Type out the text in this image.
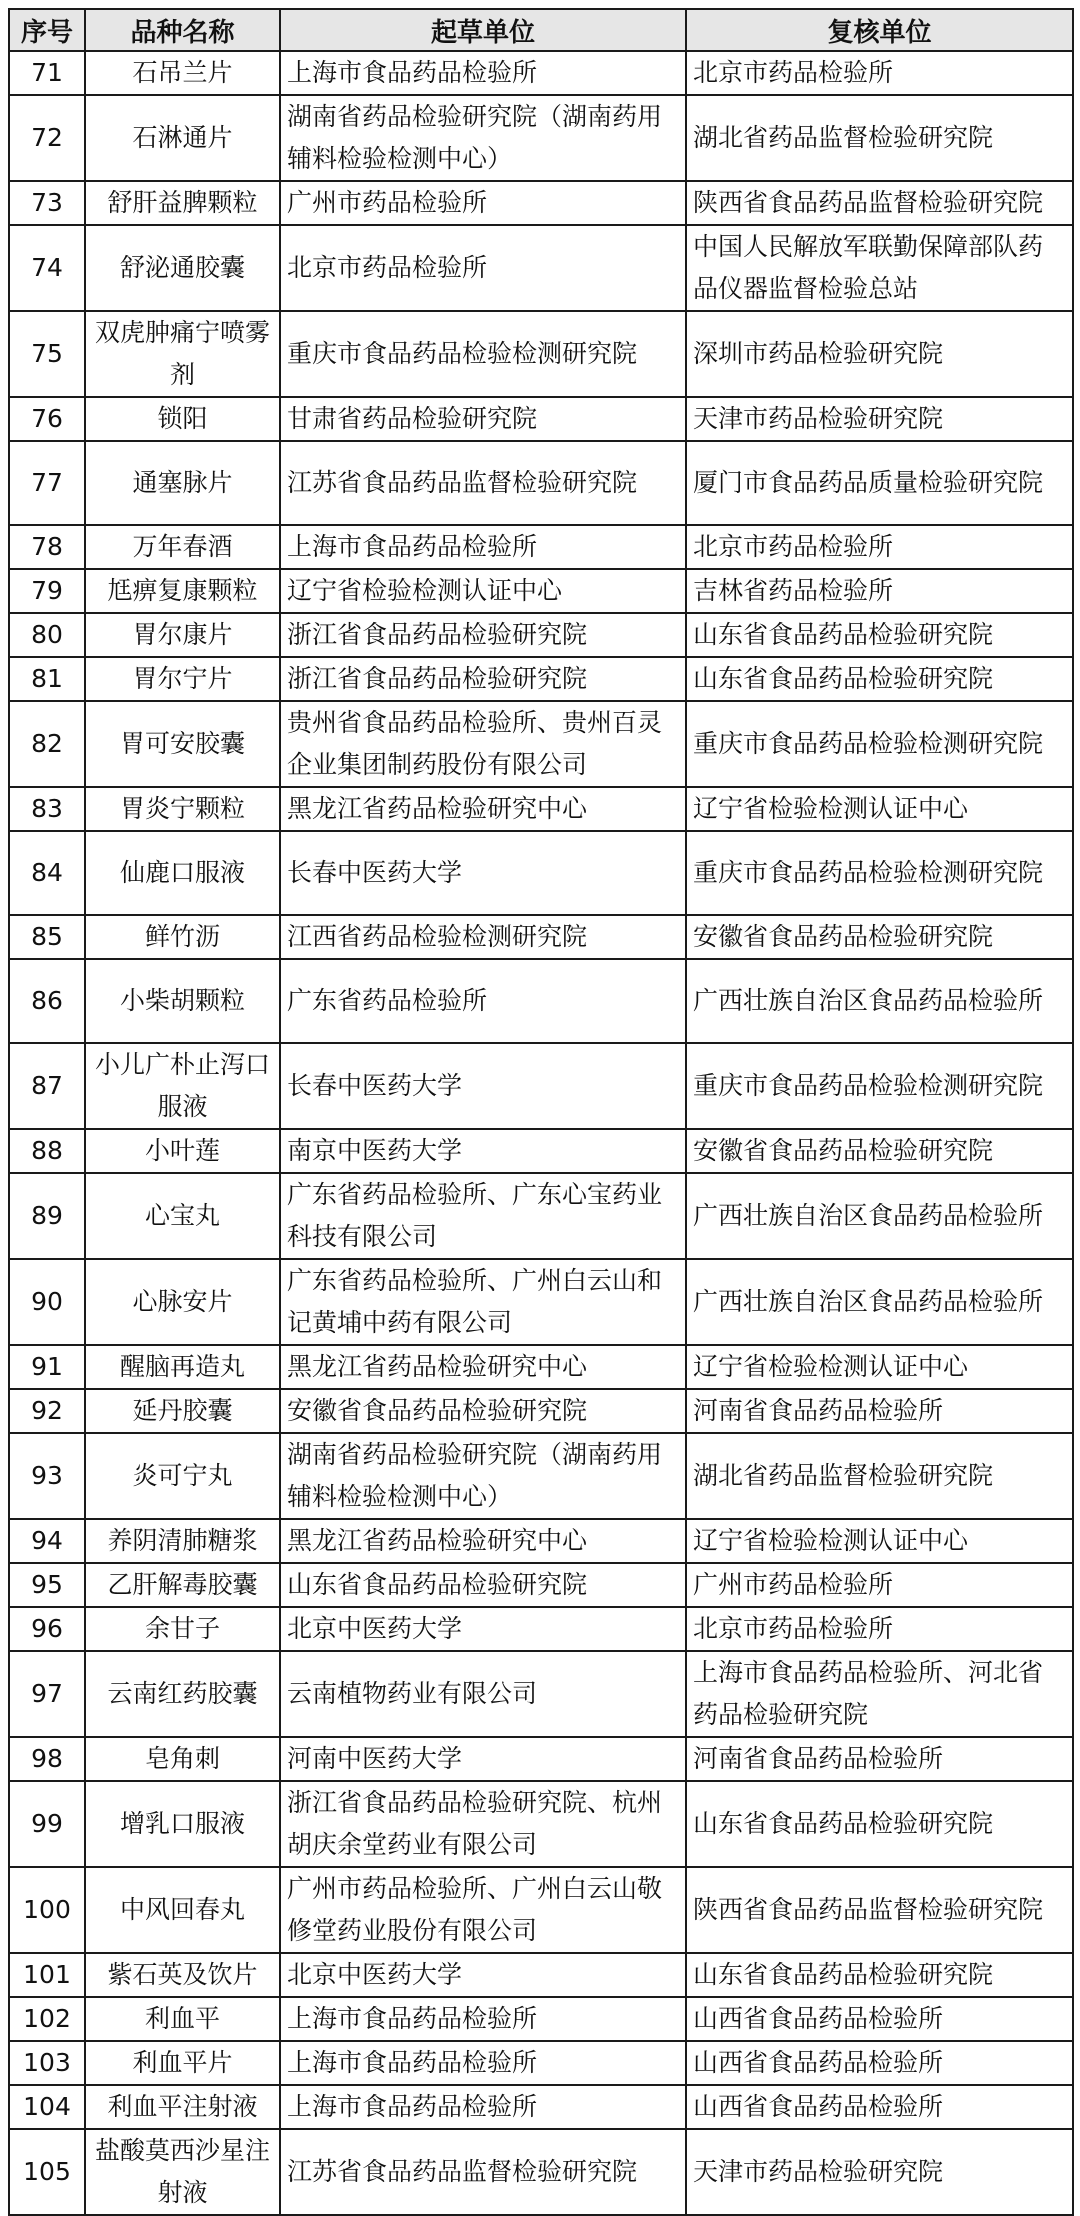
序号	品种名称	起草单位	复核单位
71	石吊兰片	上海市食品药品检验所	北京市药品检验所
72	石淋通片	湖南省药品检验研究院（湖南药用辅料检验检测中心）	湖北省药品监督检验研究院
73	舒肝益脾颗粒	广州市药品检验所	陕西省食品药品监督检验研究院
74	舒泌通胶囊	北京市药品检验所	中国人民解放军联勤保障部队药品仪器监督检验总站
75	双虎肿痛宁喷雾剂	重庆市食品药品检验检测研究院	深圳市药品检验研究院
76	锁阳	甘肃省药品检验研究院	天津市药品检验研究院
77	通塞脉片	江苏省食品药品监督检验研究院	厦门市食品药品质量检验研究院
78	万年春酒	上海市食品药品检验所	北京市药品检验所
79	尪痹复康颗粒	辽宁省检验检测认证中心	吉林省药品检验所
80	胃尔康片	浙江省食品药品检验研究院	山东省食品药品检验研究院
81	胃尔宁片	浙江省食品药品检验研究院	山东省食品药品检验研究院
82	胃可安胶囊	贵州省食品药品检验所、贵州百灵企业集团制药股份有限公司	重庆市食品药品检验检测研究院
83	胃炎宁颗粒	黑龙江省药品检验研究中心	辽宁省检验检测认证中心
84	仙鹿口服液	长春中医药大学	重庆市食品药品检验检测研究院
85	鲜竹沥	江西省药品检验检测研究院	安徽省食品药品检验研究院
86	小柴胡颗粒	广东省药品检验所	广西壮族自治区食品药品检验所
87	小儿广朴止泻口服液	长春中医药大学	重庆市食品药品检验检测研究院
88	小叶莲	南京中医药大学	安徽省食品药品检验研究院
89	心宝丸	广东省药品检验所、广东心宝药业科技有限公司	广西壮族自治区食品药品检验所
90	心脉安片	广东省药品检验所、广州白云山和记黄埔中药有限公司	广西壮族自治区食品药品检验所
91	醒脑再造丸	黑龙江省药品检验研究中心	辽宁省检验检测认证中心
92	延丹胶囊	安徽省食品药品检验研究院	河南省食品药品检验所
93	炎可宁丸	湖南省药品检验研究院（湖南药用辅料检验检测中心）	湖北省药品监督检验研究院
94	养阴清肺糖浆	黑龙江省药品检验研究中心	辽宁省检验检测认证中心
95	乙肝解毒胶囊	山东省食品药品检验研究院	广州市药品检验所
96	余甘子	北京中医药大学	北京市药品检验所
97	云南红药胶囊	云南植物药业有限公司	上海市食品药品检验所、河北省药品检验研究院
98	皂角刺	河南中医药大学	河南省食品药品检验所
99	增乳口服液	浙江省食品药品检验研究院、杭州胡庆余堂药业有限公司	山东省食品药品检验研究院
100	中风回春丸	广州市药品检验所、广州白云山敬修堂药业股份有限公司	陕西省食品药品监督检验研究院
101	紫石英及饮片	北京中医药大学	山东省食品药品检验研究院
102	利血平	上海市食品药品检验所	山西省食品药品检验所
103	利血平片	上海市食品药品检验所	山西省食品药品检验所
104	利血平注射液	上海市食品药品检验所	山西省食品药品检验所
105	盐酸莫西沙星注射液	江苏省食品药品监督检验研究院	天津市药品检验研究院
